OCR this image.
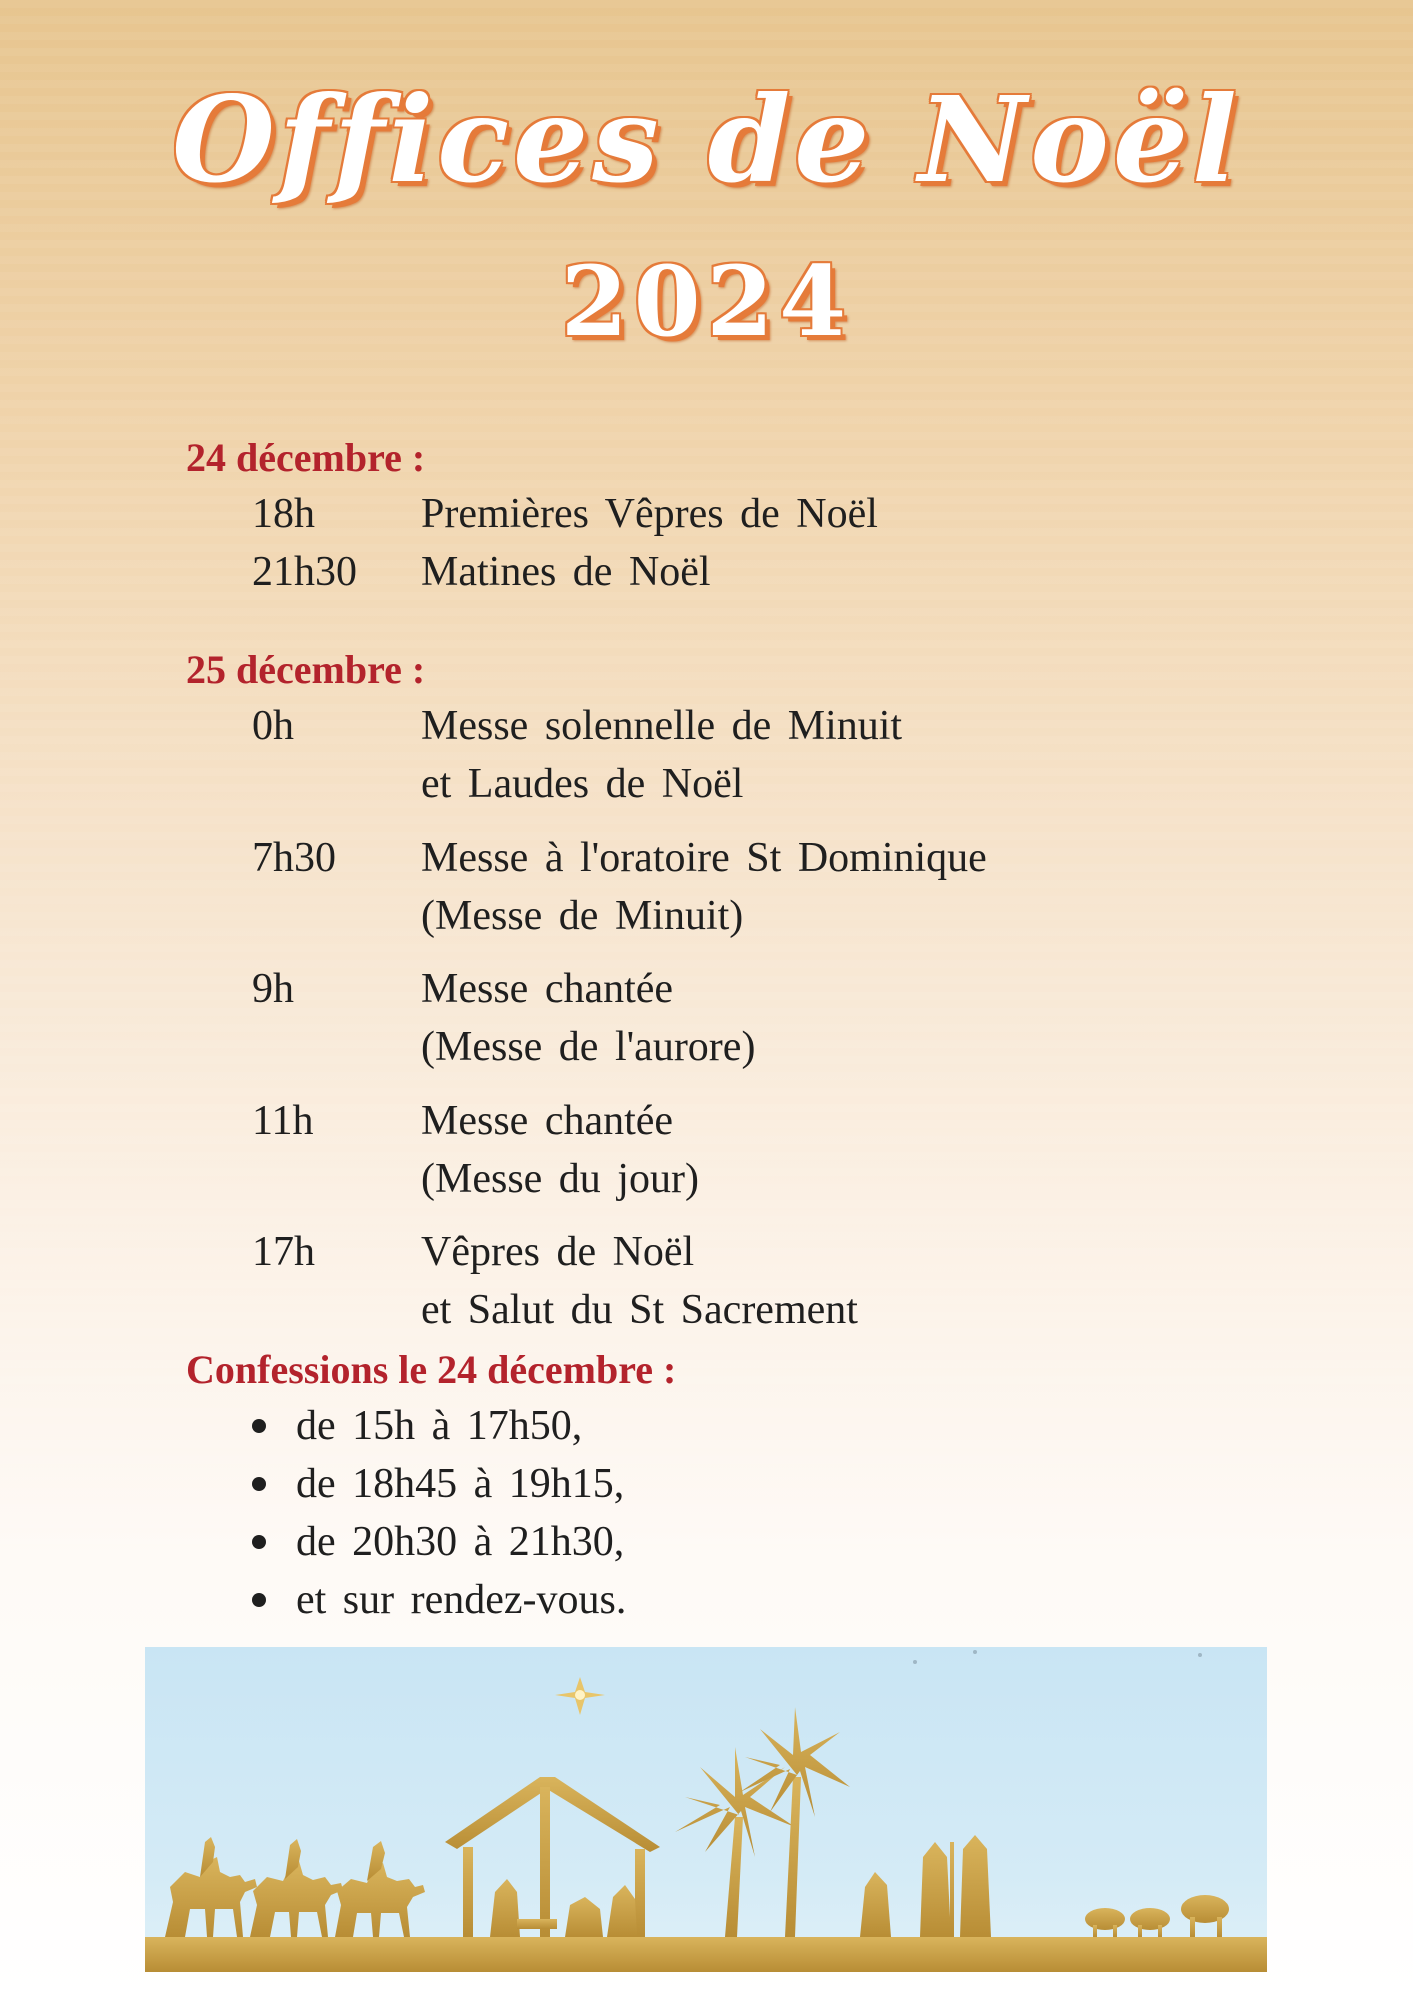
Offices de Noël
2024
24 décembre :
18h	Premières Vêpres de Noël
21h30 Matines de Noël
25 décembre :
0h	Messe solennelle de Minuit
et Laudes de Noël
7h30 Messe à l'oratoire St Dominique
(Messe de Minuit)
9h	Messe chantée
(Messe de l'aurore)
11h	Messe chantée
(Messe du jour)
17h	Vêpres de Noël
et Salut du St Sacrement
Confessions le 24 décembre :
de 15h à 17h50,
de 18h45 à 19h15,
de 20h30 à 21h30,
et sur rendez-vous.
